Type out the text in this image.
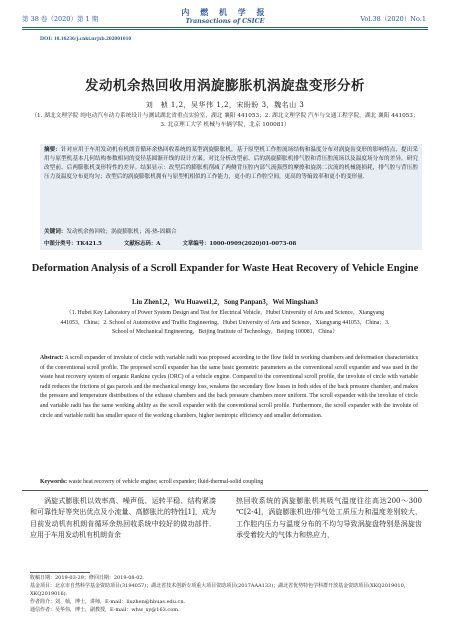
第 38 卷（2020）第 1 期
内 燃 机 学 报
Transactions of CSICE	Vol.38（2020）No.1
DOI: 10.16236/j.cnki.nrjxb.202001010
发动机余热回收用涡旋膨胀机涡旋盘变形分析
刘　桢 1,2，吴华伟 1,2，宋盼盼 3，魏名山 3
（1. 湖北文理学院 纯电动汽车动力系统设计与测试湖北省重点实验室，湖北 襄阳 441053；2. 湖北文理学院 汽车与交通工程学院，湖北 襄阳 441053；3. 北京理工大学 机械与车辆学院，北京 100081）
摘要：针对应用于车用发动机有机朗肯循环余热回收系统的某型涡旋膨胀机，基于原型机工作腔流场结构和温度分布对涡旋齿变形的影响特点，提出采用与原型机基本几何结构参数相同的变径基圆渐开线的设计方案。对比分析改型前、后的涡旋膨胀机排气腔和背压腔流场以及温度场分布的差异，研究改型前、后两膨胀机变形特性的差异。结果显示：改型后的膨胀机削减了两侧背压腔内部气流强烈的摩擦和旋涡二次流的机械能损耗，排气腔与背压腔压力及温度分布更均匀；改型后的涡旋膨胀机拥有与原型机相似的工作能力，更小的工作腔空间，更高的等熵效率和更小的变形量.
关键词：发动机余热回收；涡旋膨胀机；流-热-固耦合
中图分类号：TK421.5	文献标志码：A	文章编号：1000-0909(2020)01-0073-08
Deformation Analysis of a Scroll Expander for Waste Heat Recovery of Vehicle Engine
Liu Zhen1,2，Wu Huawei1,2，Song Panpan3，Wei Mingshan3
（1. Hubei Key Laboratory of Power System Design and Test for Electrical Vehicle，Hubei University of Arts and Science，Xiangyang 441053，China；2. School of Automotive and Traffic Engineering，Hubei University of Arts and Science，Xiangyang 441053，China；3. School of Mechanical Engineering，Beijing Institute of Technology，Beijing 100081，China）
Abstract: A scroll expander of involute of circle with variable radii was proposed according to the flow field in working chambers and deformation characteristics of the conventional scroll profile. The proposed scroll expander has the same basic geometric parameters as the conventional scroll expander and was used in the waste heat recovery system of organic Rankine cycles (ORC) of a vehicle engine. Compared to the conventional scroll profile, the involute of circle with variable radii reduces the frictions of gas parcels and the mechanical energy loss, weakens the secondary flow losses in both sides of the back pressure chamber, and makes the pressure and temperature distributions of the exhaust chambers and the back pressure chambers more uniform. The scroll expander with the involute of circle and variable radii has the same working ability as the scroll expander with the conventional scroll profile. Furthermore, the scroll expander with the involute of circle and variable radii has smaller space of the working chambers, higher isentropic efficiency and smaller deformation.
Keywords: waste heat recovery of vehicle engine; scroll expander; fluid-thermal-solid coupling
涡旋式膨胀机以效率高、噪声低、运转平稳、结构紧凑和可靠性好等突出优点及小流量、高膨胀比的特性[1]，成为目前发动机有机朗肯循环余热回收系统中较好的做功部件．应用于车用发动机有机朗肯余
热回收系统的涡旋膨胀机其吸气温度往往高达200～300 ℃[2-4]，涡旋膨胀机进/排气处工质压力和温度差别较大，工作腔内压力与温度分布的不均匀导致涡旋盘特别是涡旋齿承受着较大的气体力和热应力，
收稿日期：2019-03-29；修回日期：2019-08-02.
基金项目：北京市自然科学基金资助项目(3194057)；湖北省技术创新专项重大项目资助项目(2017AAA133)；湖北省优势特色学科群开放基金资助项目(XKQ2019010，XKQ2019016).
作者简介：刘　桢，博士，讲师，E-mail：liuzhen@hbuas.edu.cn.
通信作者：吴华伟，博士，副教授，E-mail：whw_xy@163.com.
